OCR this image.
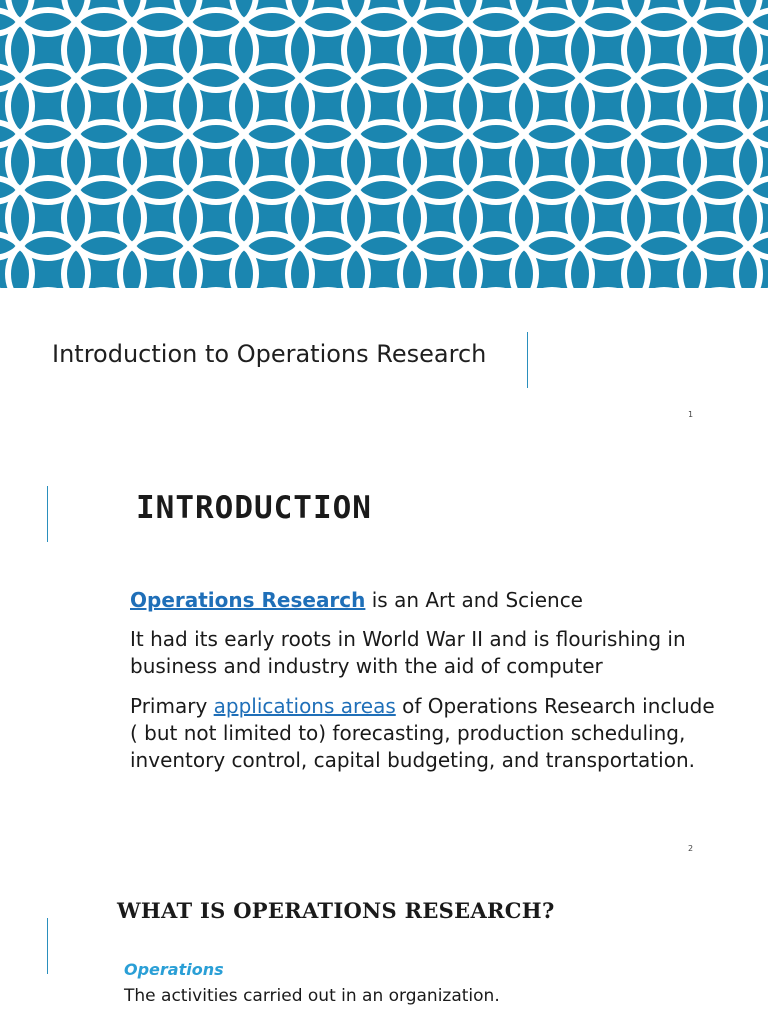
Introduction to Operations Research
1
INTRODUCTION
Operations Research is an Art and Science
It had its early roots in World War II and is flourishing in business and industry with the aid of computer
Primary applications areas of Operations Research include ( but not limited to) forecasting, production scheduling, inventory control, capital budgeting, and transportation.
2
WHAT IS OPERATIONS RESEARCH?
Operations
The activities carried out in an organization.
